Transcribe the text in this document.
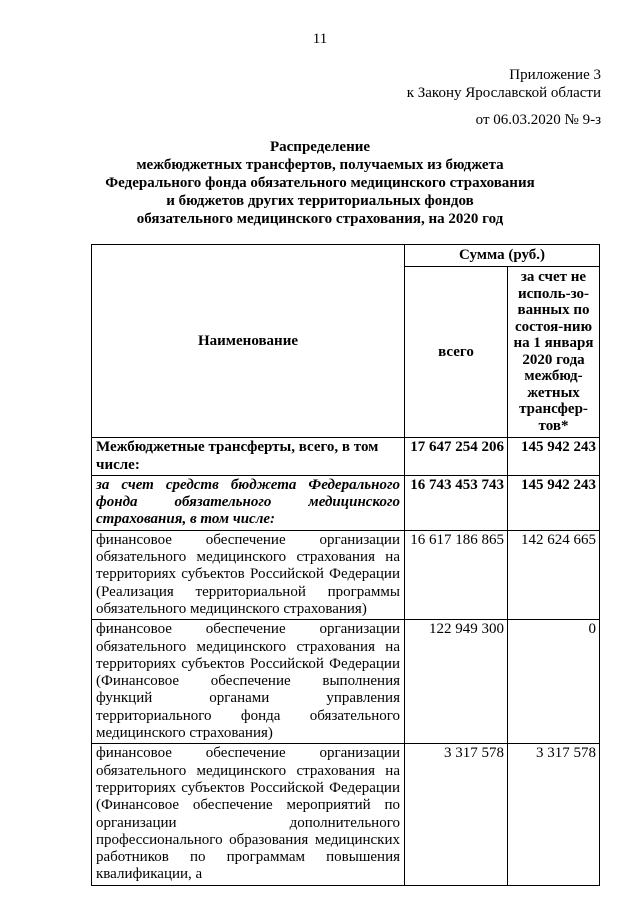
11
Приложение 3
к Закону Ярославской области
от 06.03.2020 № 9-з
Распределение
межбюджетных трансфертов, получаемых из бюджета
Федерального фонда обязательного медицинского страхования
и бюджетов других территориальных фондов
обязательного медицинского страхования, на 2020 год
Наименование	Сумма (руб.)	
	всего	за счет не исполь-зо-ванных по состоя-нию на 1 января 2020 года межбюд-жетных трансфер-тов*
Межбюджетные трансферты, всего, в том числе:	17 647 254 206	145 942 243
за счет средств бюджета Федерального фонда обязательного медицинского страхования, в том числе:	16 743 453 743	145 942 243
финансовое обеспечение организации обязательного медицинского страхования на территориях субъектов Российской Федерации (Реализация территориальной программы обязательного медицинского страхования)	16 617 186 865	142 624 665
финансовое обеспечение организации обязательного медицинского страхования на территориях субъектов Российской Федерации (Финансовое обеспечение выполнения функций органами управления территориального фонда обязательного медицинского страхования)	122 949 300	0
финансовое обеспечение организации обязательного медицинского страхования на территориях субъектов Российской Федерации (Финансовое обеспечение мероприятий по организации дополнительного профессионального образования медицинских работников по программам повышения квалификации, а	3 317 578	3 317 578
